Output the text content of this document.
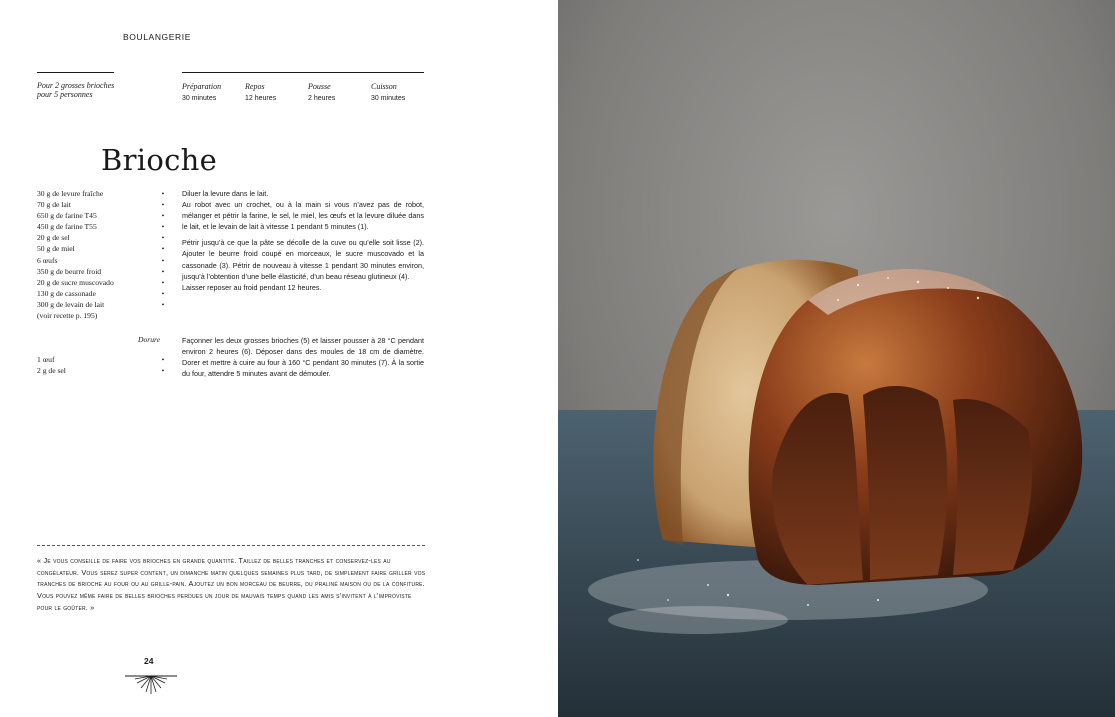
BOULANGERIE
Pour 2 grosses brioches pour 5 personnes
Préparation
30 minutes
Repos
12 heures
Pousse
2 heures
Cuisson
30 minutes
Brioche
30 g de levure fraîche
70 g de lait
650 g de farine T45
450 g de farine T55
20 g de sel
50 g de miel
6 œufs
350 g de beurre froid
20 g de sucre muscovado
130 g de cassonade
300 g de levain de lait
(voir recette p. 195)
1 œuf
2 g de sel
•
•
•
•
•
•
•
•
•
•
•
•
•
Dorure

Diluer la levure dans le lait.

Au robot avec un crochet, ou à la main si vous n’avez pas de robot, mélanger et pétrir la farine, le sel, le miel, les œufs et la levure diluée dans le lait, et le levain de lait à vitesse 1 pendant 5 minutes (1).

Pétrir jusqu’à ce que la pâte se décolle de la cuve ou qu’elle soit lisse (2). Ajouter le beurre froid coupé en morceaux, le sucre muscovado et la cassonade (3). Pétrir de nouveau à vitesse 1 pendant 30 minutes environ, jusqu’à l’obtention d’une belle élasticité, d’un beau réseau glutineux (4).

Laisser reposer au froid pendant 12 heures.

Façonner les deux grosses brioches (5) et laisser pousser à 28 °C pendant environ 2 heures (6). Déposer dans des moules de 18 cm de diamètre. Dorer et mettre à cuire au four à 160 °C pendant 30 minutes (7). À la sortie du four, attendre 5 minutes avant de démouler.

« Je vous conseille de faire vos brioches en grande quantité. Taillez de belles tranches et conservez-les au congélateur. Vous serez super content, un dimanche matin quelques semaines plus tard, de simplement faire griller vos tranches de brioche au four ou au grille-pain. Ajoutez un bon morceau de beurre, du praliné maison ou de la confiture. Vous pouvez même faire de belles brioches perdues un jour de mauvais temps quand les amis s’invitent à l’improviste pour le goûter. »
24
